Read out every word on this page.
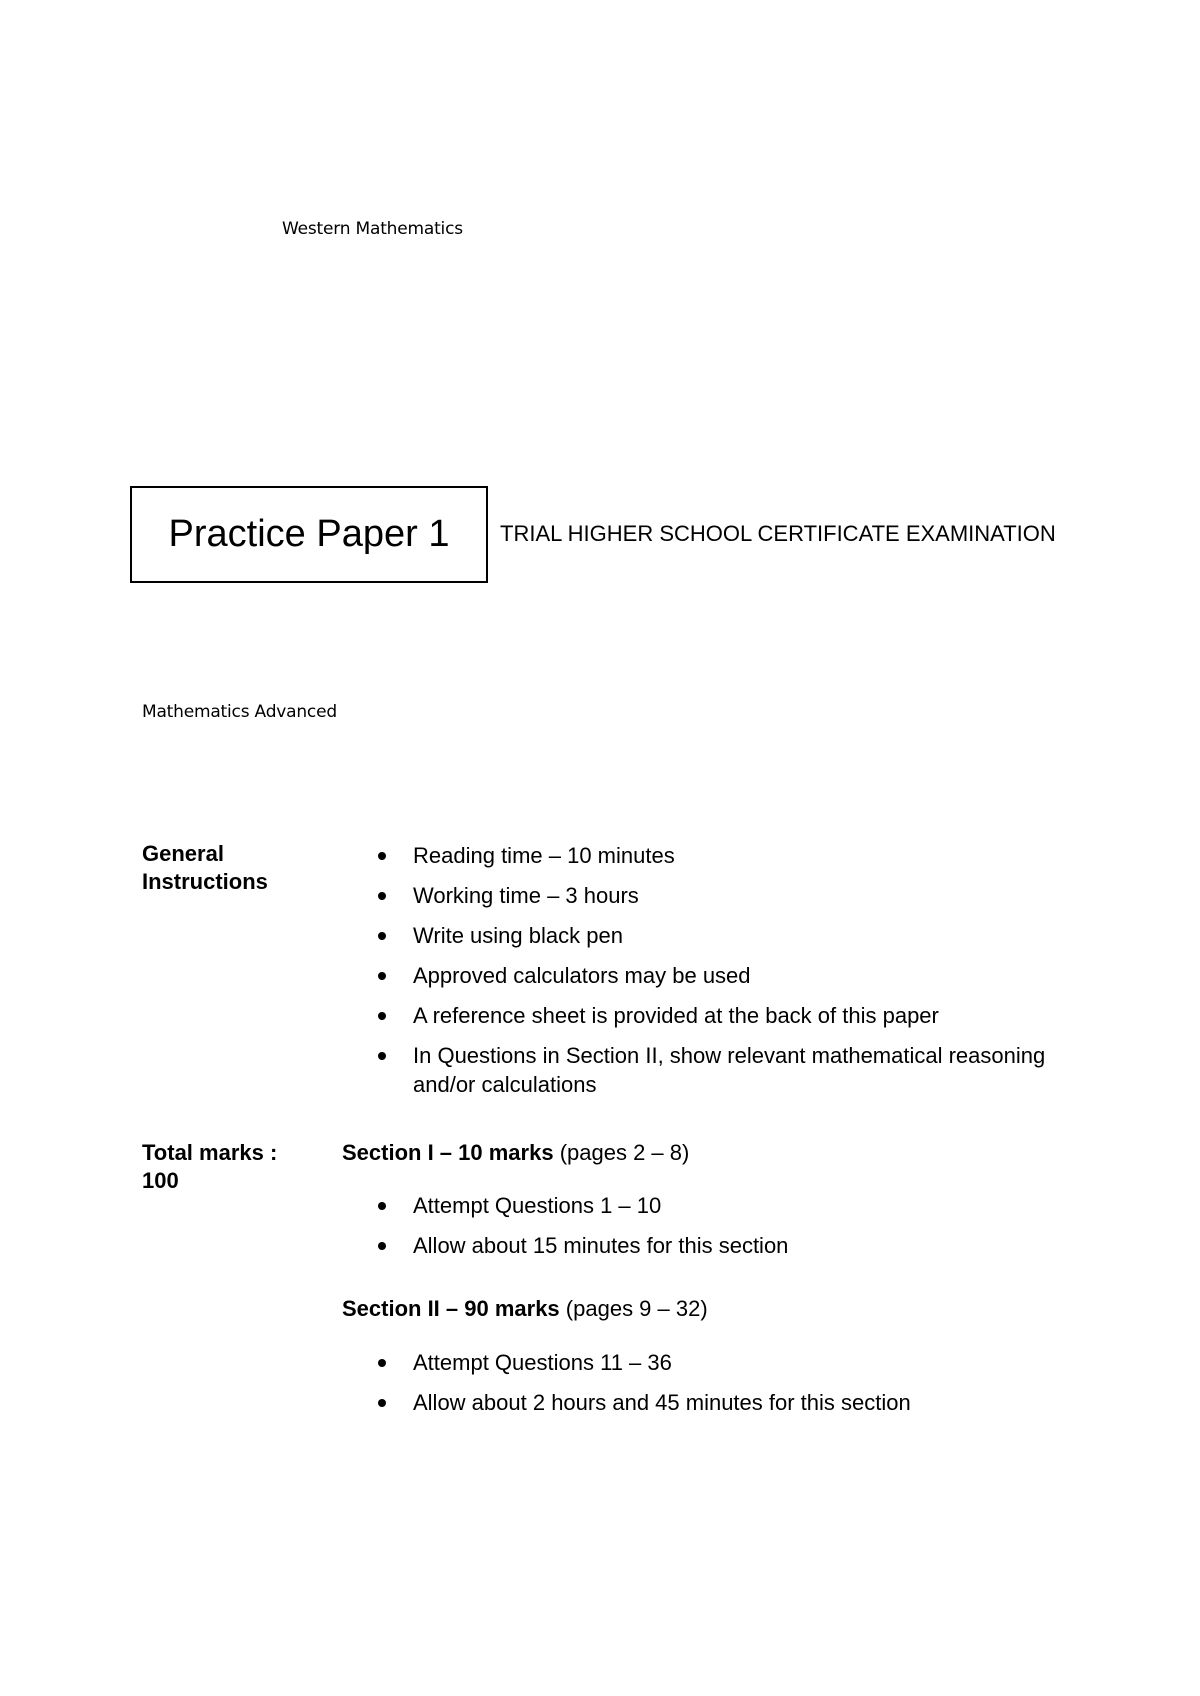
Western Mathematics
Practice Paper 1 TRIAL HIGHER SCHOOL CERTIFICATE EXAMINATION
Mathematics Advanced
General
Instructions
Reading time – 10 minutes
Working time – 3 hours
Write using black pen
Approved calculators may be used
A reference sheet is provided at the back of this paper
In Questions in Section II, show relevant mathematical reasoning and/or calculations
Total marks :
100
Section I – 10 marks (pages 2 – 8)
Attempt Questions 1 – 10
Allow about 15 minutes for this section
Section II – 90 marks (pages 9 – 32)
Attempt Questions 11 – 36
Allow about 2 hours and 45 minutes for this section
